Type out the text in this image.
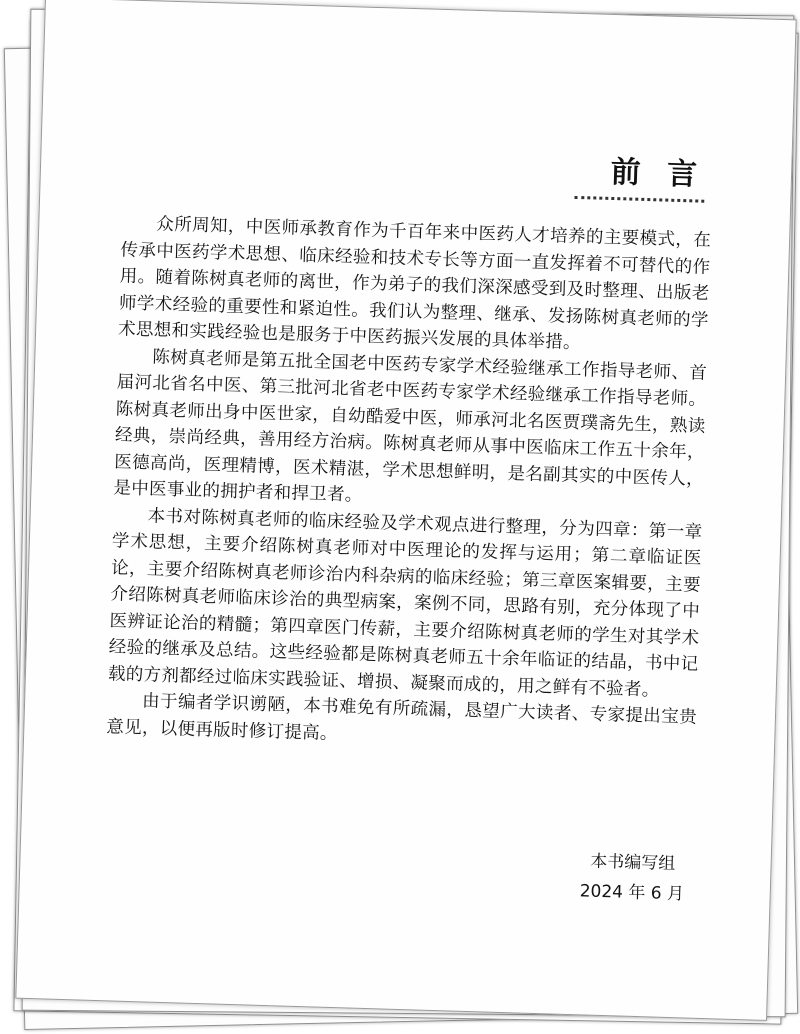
前 言

众所周知，中医师承教育作为千百年来中医药人才培养的主要模式，在传承中医药学术思想、临床经验和技术专长等方面一直发挥着不可替代的作用。随着陈树真老师的离世，作为弟子的我们深深感受到及时整理、出版老师学术经验的重要性和紧迫性。我们认为整理、继承、发扬陈树真老师的学术思想和实践经验也是服务于中医药振兴发展的具体举措。

陈树真老师是第五批全国老中医药专家学术经验继承工作指导老师、首届河北省名中医、第三批河北省老中医药专家学术经验继承工作指导老师。陈树真老师出身中医世家，自幼酷爱中医，师承河北名医贾璞斋先生，熟读经典，崇尚经典，善用经方治病。陈树真老师从事中医临床工作五十余年，医德高尚，医理精博，医术精湛，学术思想鲜明，是名副其实的中医传人，是中医事业的拥护者和捍卫者。

本书对陈树真老师的临床经验及学术观点进行整理，分为四章：第一章学术思想，主要介绍陈树真老师对中医理论的发挥与运用；第二章临证医论，主要介绍陈树真老师诊治内科杂病的临床经验；第三章医案辑要，主要介绍陈树真老师临床诊治的典型病案，案例不同，思路有别，充分体现了中医辨证论治的精髓；第四章医门传薪，主要介绍陈树真老师的学生对其学术经验的继承及总结。这些经验都是陈树真老师五十余年临证的结晶，书中记载的方剂都经过临床实践验证、增损、凝聚而成的，用之鲜有不验者。

由于编者学识谫陋，本书难免有所疏漏，恳望广大读者、专家提出宝贵意见，以便再版时修订提高。

本书编写组
2024 年 6 月
